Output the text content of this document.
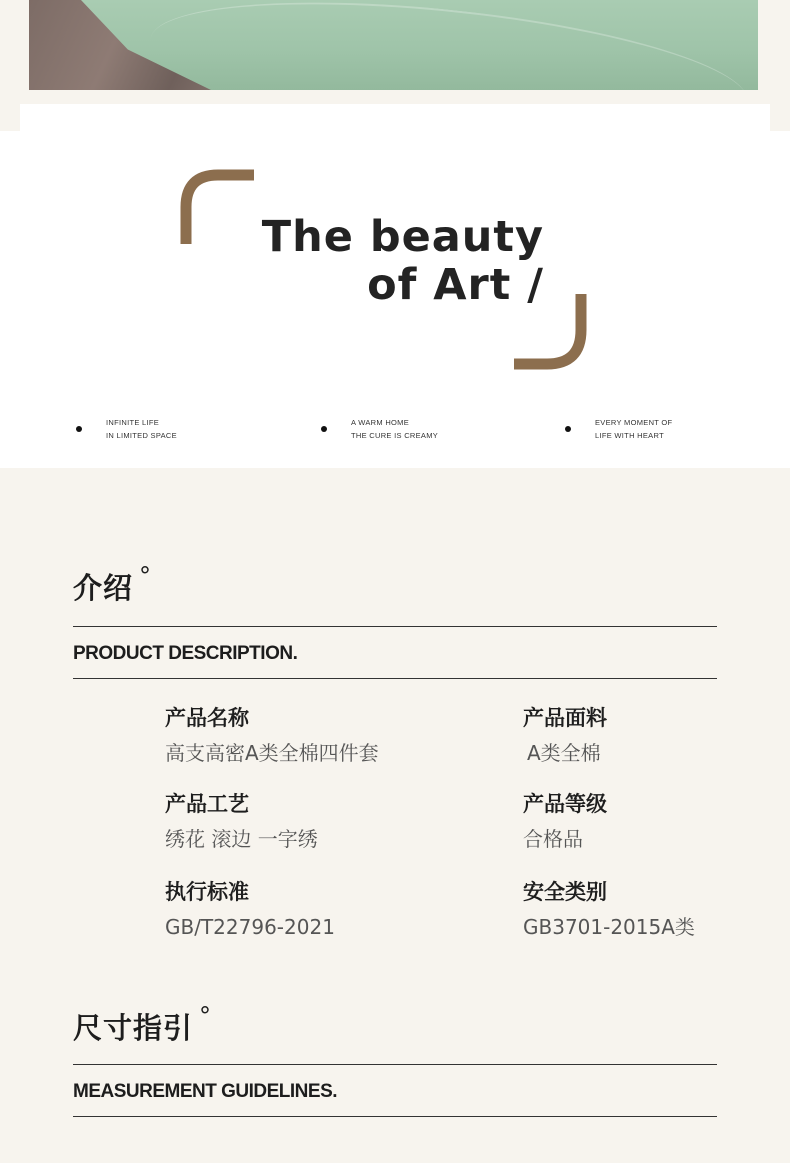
The beauty
of Art /
INFINITE LIFE
IN LIMITED SPACE
A WARM HOME
THE CURE IS CREAMY
EVERY MOMENT OF
LIFE WITH HEART
介绍 °
PRODUCT DESCRIPTION.
产品名称
高支高密A类全棉四件套
产品面料
A类全棉
产品工艺
绣花 滚边 一字绣
产品等级
合格品
执行标准
GB/T22796-2021
安全类别
GB3701-2015A类
尺寸指引 °
MEASUREMENT GUIDELINES.
